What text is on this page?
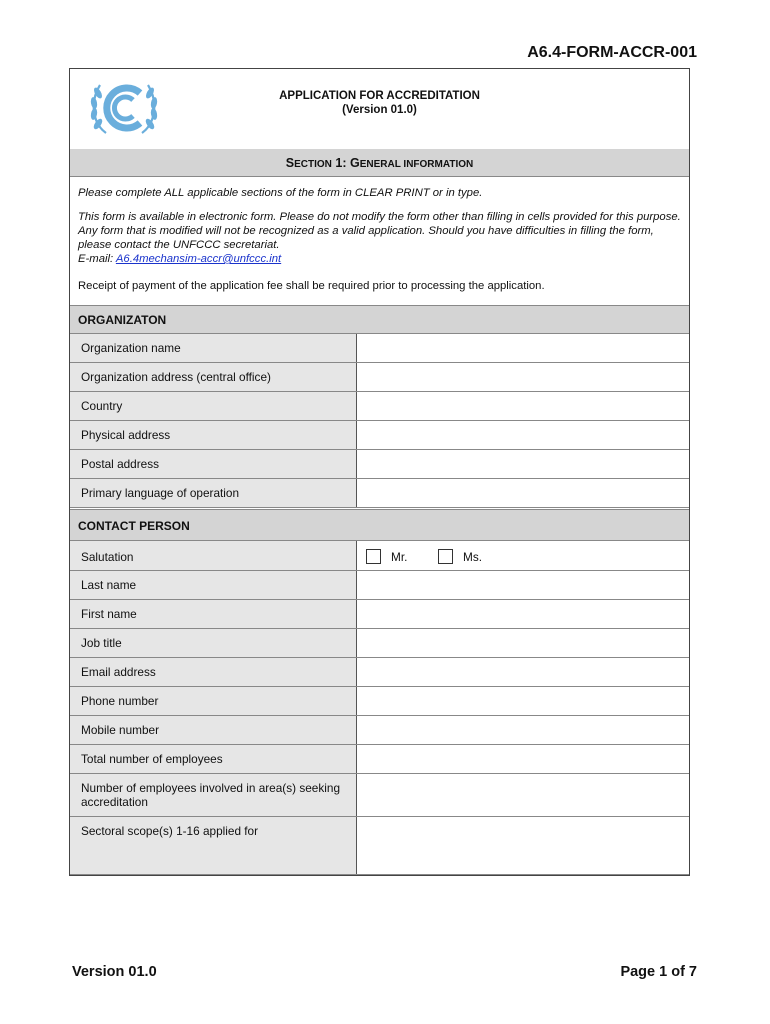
A6.4-FORM-ACCR-001
APPLICATION FOR ACCREDITATION
(Version 01.0)
SECTION 1: GENERAL INFORMATION

Please complete ALL applicable sections of the form in CLEAR PRINT or in type.

This form is available in electronic form. Please do not modify the form other than filling in cells provided for this purpose. Any form that is modified will not be recognized as a valid application. Should you have difficulties in filling the form, please contact the UNFCCC secretariat.

E-mail: A6.4mechansim-accr@unfccc.int

Receipt of payment of the application fee shall be required prior to processing the application.

ORGANIZATON
Organization name
Organization address (central office)
Country
Physical address
Postal address
Primary language of operation
CONTACT PERSON
Salutation	Mr.	Ms.
Last name
First name
Job title
Email address
Phone number
Mobile number
Total number of employees
Number of employees involved in area(s) seeking accreditation
Sectoral scope(s) 1-16 applied for
Version 01.0	Page 1 of 7
